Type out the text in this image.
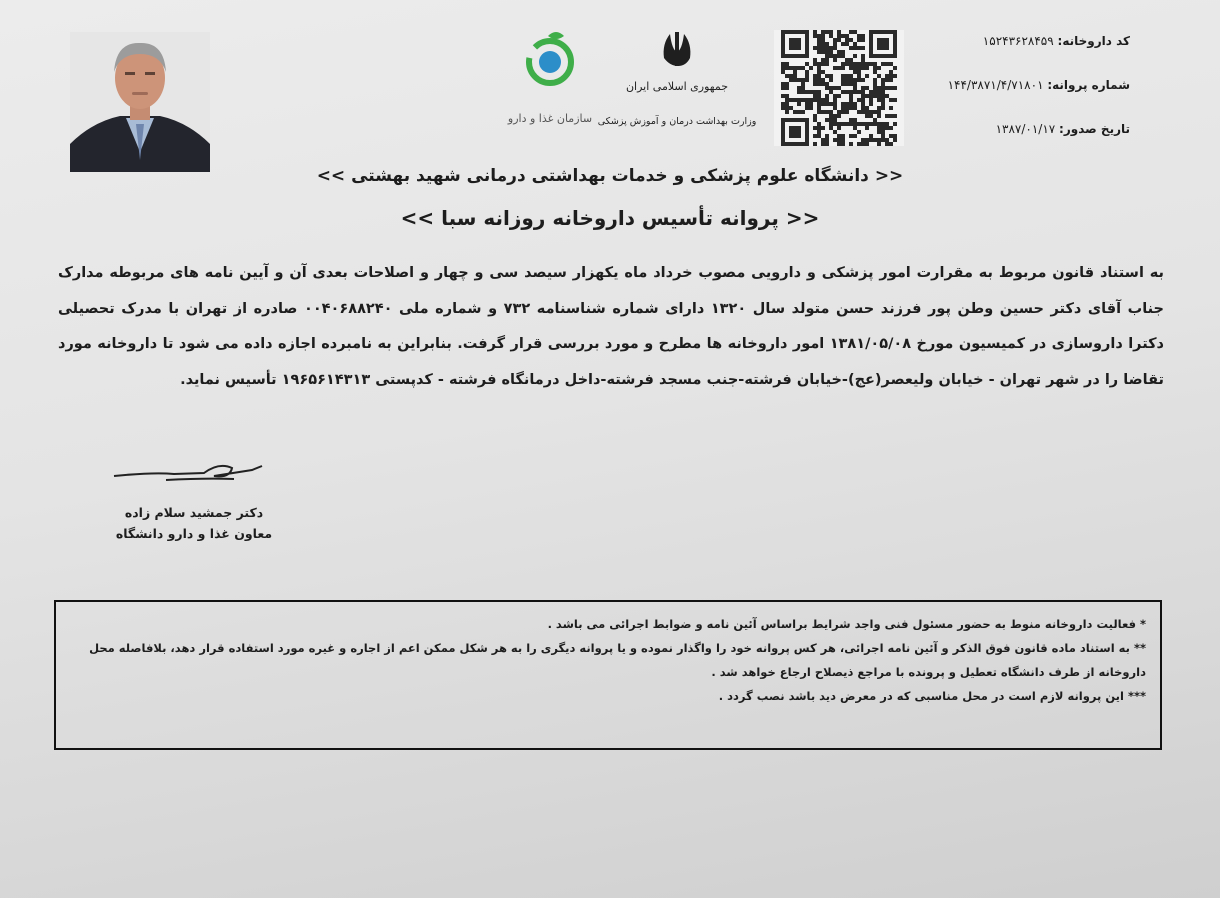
سازمان غذا و دارو
جمهوری اسلامی ایران
وزارت بهداشت درمان و آموزش پزشکی
کد داروخانه: ۱۵۲۴۳۶۲۸۴۵۹
شماره پروانه: ۱۴۴/۳۸۷۱/۴/۷۱۸۰۱
تاریخ صدور: ۱۳۸۷/۰۱/۱۷
<< دانشگاه علوم پزشکی و خدمات بهداشتی درمانی شهید بهشتی >>
<< پروانه تأسیس داروخانه روزانه سبا >>
به استناد قانون مربوط به مقرارت امور پزشکی و دارویی مصوب خرداد ماه یکهزار سیصد سی و چهار و اصلاحات بعدی آن و آیین نامه های مربوطه مدارک جناب آقای دکتر حسین وطن پور فرزند حسن متولد سال ۱۳۲۰ دارای شماره شناسنامه ۷۳۲ و شماره ملی ۰۰۴۰۶۸۸۲۴۰ صادره از تهران با مدرک تحصیلی دکترا داروسازی در کمیسیون مورخ ۱۳۸۱/۰۵/۰۸ امور داروخانه ها مطرح و مورد بررسی قرار گرفت. بنابراین به نامبرده اجازه داده می شود تا داروخانه مورد تقاضا را در شهر تهران - خیابان ولیعصر(عج)-خیابان فرشته-جنب مسجد فرشته-داخل درمانگاه فرشته - کدپستی ۱۹۶۵۶۱۴۳۱۳ تأسیس نماید.
دکتر جمشید سلام زاده
معاون غذا و دارو دانشگاه

* فعالیت داروخانه منوط به حضور مسئول فنی واجد شرایط براساس آئین نامه و ضوابط اجرائی می باشد .

** به استناد ماده قانون فوق الذکر و آئین نامه اجرائی، هر کس پروانه خود را واگذار نموده و یا پروانه دیگری را به هر شکل ممکن اعم از اجاره و غیره مورد استفاده قرار دهد، بلافاصله محل داروخانه از طرف دانشگاه تعطیل و پرونده با مراجع ذیصلاح ارجاع خواهد شد .

*** این پروانه لازم است در محل مناسبی که در معرض دید باشد نصب گردد .
